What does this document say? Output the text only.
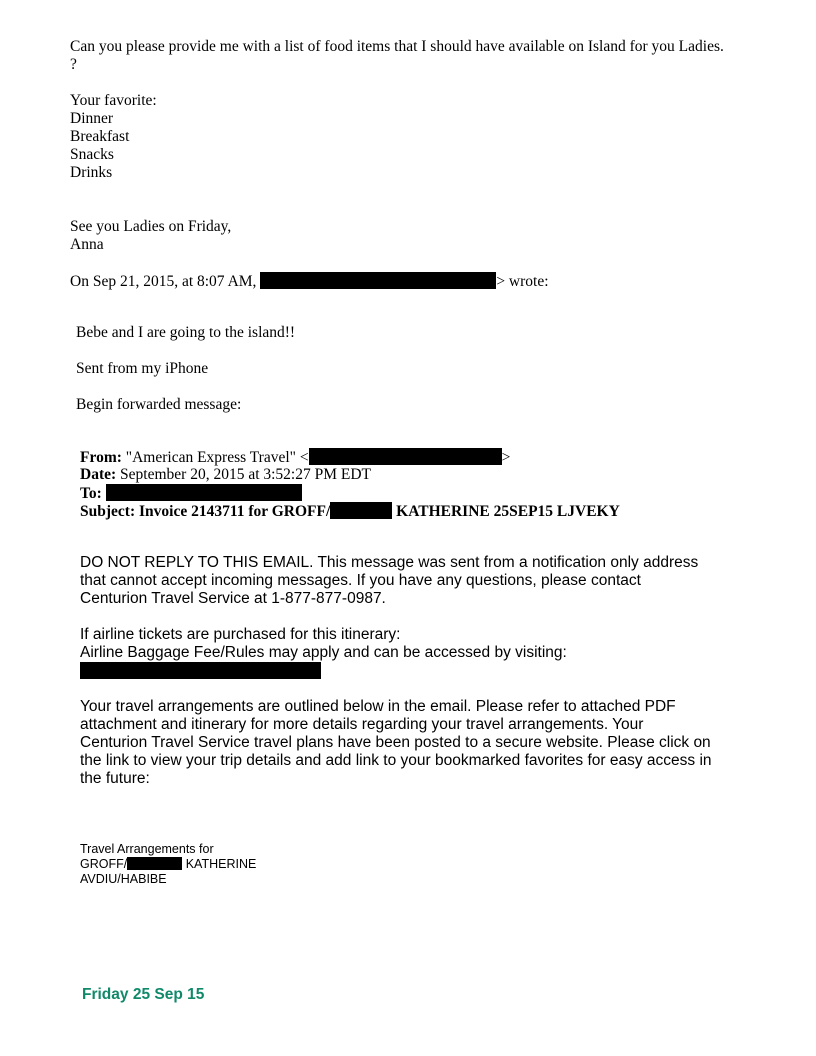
Can you please provide me with a list of food items that I should have available on Island for you Ladies.
?
Your favorite:
Dinner
Breakfast
Snacks
Drinks
See you Ladies on Friday,
Anna
On Sep 21, 2015, at 8:07 AM,	> wrote:
Bebe and I are going to the island!!
Sent from my iPhone
Begin forwarded message:
From: "American Express Travel" <	>
Date: September 20, 2015 at 3:52:27 PM EDT
To:
Subject: Invoice 2143711 for GROFF/	KATHERINE 25SEP15 LJVEKY
DO NOT REPLY TO THIS EMAIL. This message was sent from a notification only address
that cannot accept incoming messages. If you have any questions, please contact
Centurion Travel Service at 1-877-877-0987.
If airline tickets are purchased for this itinerary:
Airline Baggage Fee/Rules may apply and can be accessed by visiting:
Your travel arrangements are outlined below in the email. Please refer to attached PDF
attachment and itinerary for more details regarding your travel arrangements. Your
Centurion Travel Service travel plans have been posted to a secure website. Please click on
the link to view your trip details and add link to your bookmarked favorites for easy access in
the future:
Travel Arrangements for
GROFF/	KATHERINE
AVDIU/HABIBE
Friday 25 Sep 15
